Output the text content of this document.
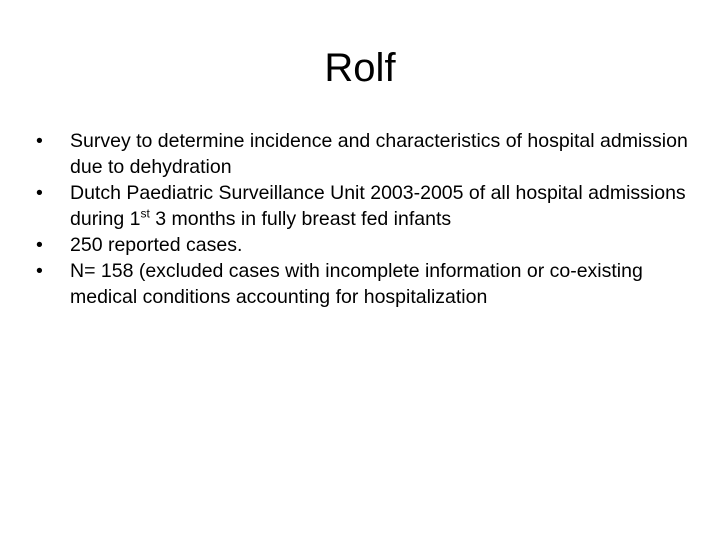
Rolf
•	Survey to determine incidence and characteristics of hospital admission due to dehydration
•	Dutch Paediatric Surveillance Unit 2003-2005 of all hospital admissions during 1st 3 months in fully breast fed infants
•	250 reported cases.
•	N= 158 (excluded cases with incomplete information or co-existing medical conditions accounting for hospitalization
